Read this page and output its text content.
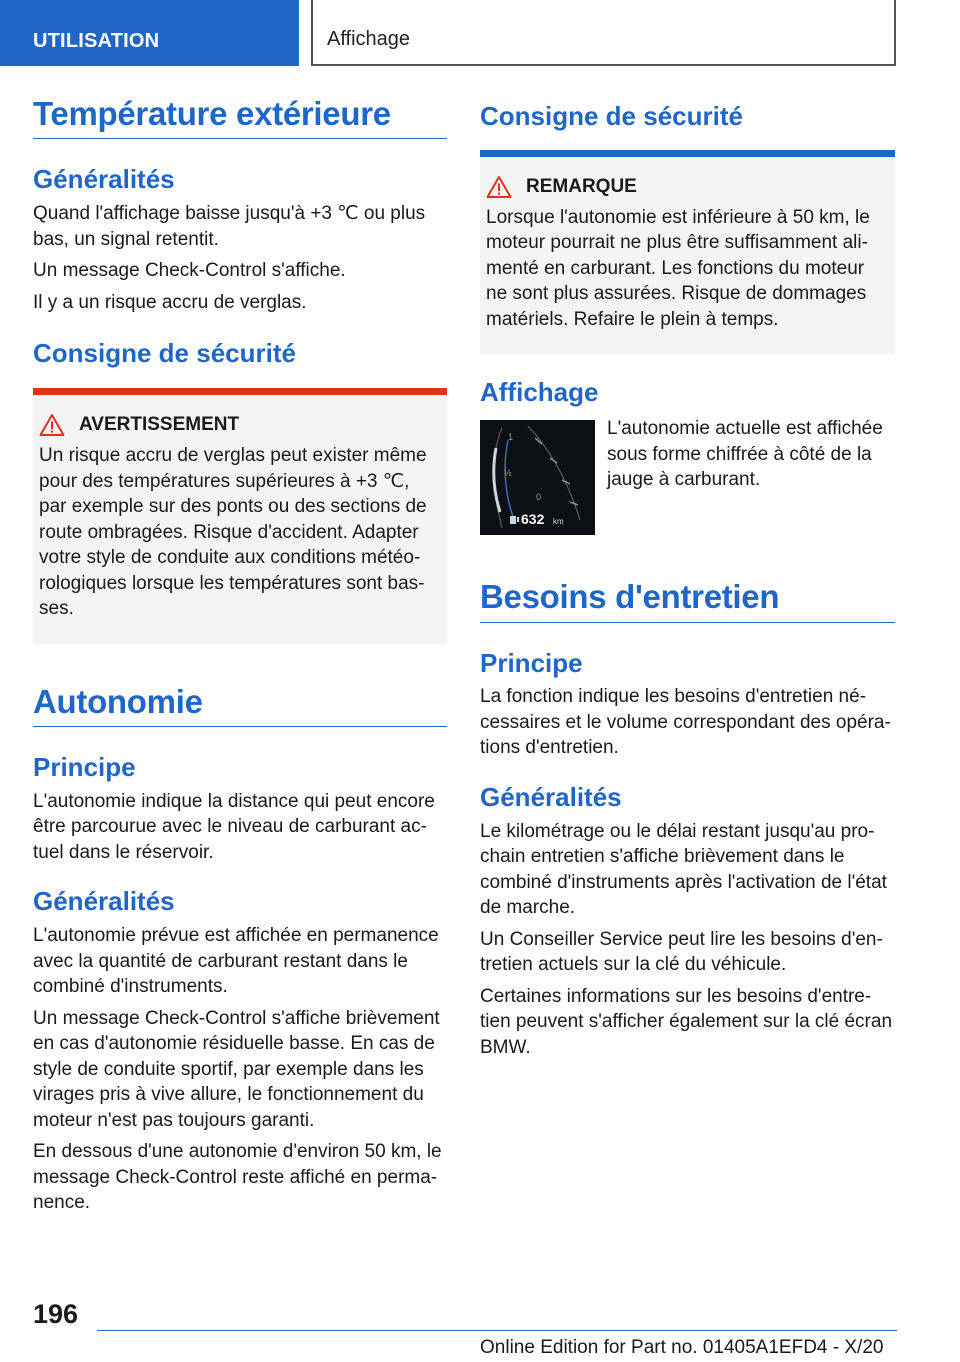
UTILISATION	Affichage
Température extérieure
Généralités

Quand l'affichage baisse jusqu'à +3 ℃ ou plus bas, un signal retentit.

Un message Check-Control s'affiche.

Il y a un risque accru de verglas.

Consigne de sécurité
AVERTISSEMENT

Un risque accru de verglas peut exister même pour des températures supérieures à +3 ℃, par exemple sur des ponts ou des sections de route ombragées. Risque d'accident. Adapter votre style de conduite aux conditions météorologiques lorsque les températures sont basses.

Autonomie
Principe

L'autonomie indique la distance qui peut encore être parcourue avec le niveau de carburant actuel dans le réservoir.

Généralités

L'autonomie prévue est affichée en permanence avec la quantité de carburant restant dans le combiné d'instruments.

Un message Check-Control s'affiche brièvement en cas d'autonomie résiduelle basse. En cas de style de conduite sportif, par exemple dans les virages pris à vive allure, le fonctionnement du moteur n'est pas toujours garanti.

En dessous d'une autonomie d'environ 50 km, le message Check-Control reste affiché en permanence.

Consigne de sécurité
REMARQUE

Lorsque l'autonomie est inférieure à 50 km, le moteur pourrait ne plus être suffisamment alimenté en carburant. Les fonctions du moteur ne sont plus assurées. Risque de dommages matériels. Refaire le plein à temps.

Affichage
1
½
0
632 km

L'autonomie actuelle est affichée sous forme chiffrée à côté de la jauge à carburant.

Besoins d'entretien
Principe

La fonction indique les besoins d'entretien nécessaires et le volume correspondant des opérations d'entretien.

Généralités

Le kilométrage ou le délai restant jusqu'au prochain entretien s'affiche brièvement dans le combiné d'instruments après l'activation de l'état de marche.

Un Conseiller Service peut lire les besoins d'entretien actuels sur la clé du véhicule.

Certaines informations sur les besoins d'entretien peuvent s'afficher également sur la clé écran BMW.

196
Online Edition for Part no. 01405A1EFD4 - X/20
